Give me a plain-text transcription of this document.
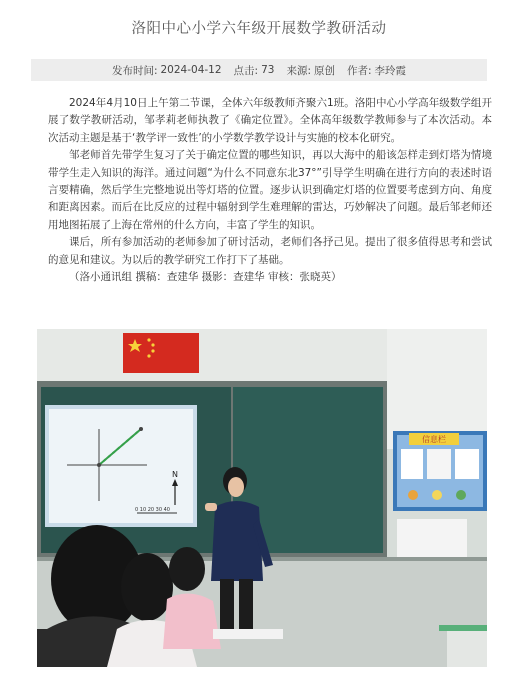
洛阳中心小学六年级开展数学教研活动
发布时间: 2024-04-12 点击: 73 来源: 原创 作者: 李玲霞

2024年4月10日上午第二节课，全体六年级教师齐聚六1班。洛阳中心小学高年级数学组开展了数学教研活动，邹孝莉老师执教了《确定位置》。全体高年级数学教师参与了本次活动。本次活动主题是基于‘教学评一致性’的小学数学教学设计与实施的校本化研究。

邹老师首先带学生复习了关于确定位置的哪些知识，再以大海中的船该怎样走到灯塔为情境带学生走入知识的海洋。通过问题“为什么不同意东北37°”引导学生明确在进行方向的表述时语言要精确，然后学生完整地说出等灯塔的位置。逐步认识到确定灯塔的位置要考虑到方向、角度和距离因素。而后在比反应的过程中辐射到学生难理解的雷达，巧妙解决了问题。最后邹老师还用地图拓展了上海在常州的什么方向，丰富了学生的知识。

课后，所有参加活动的老师参加了研讨活动，老师们各抒己见。提出了很多值得思考和尝试的意见和建议。为以后的教学研究工作打下了基础。

（洛小通讯组 撰稿：查建华 摄影：查建华 审核：张晓英）

N
0 10 20 30 40
信息栏
